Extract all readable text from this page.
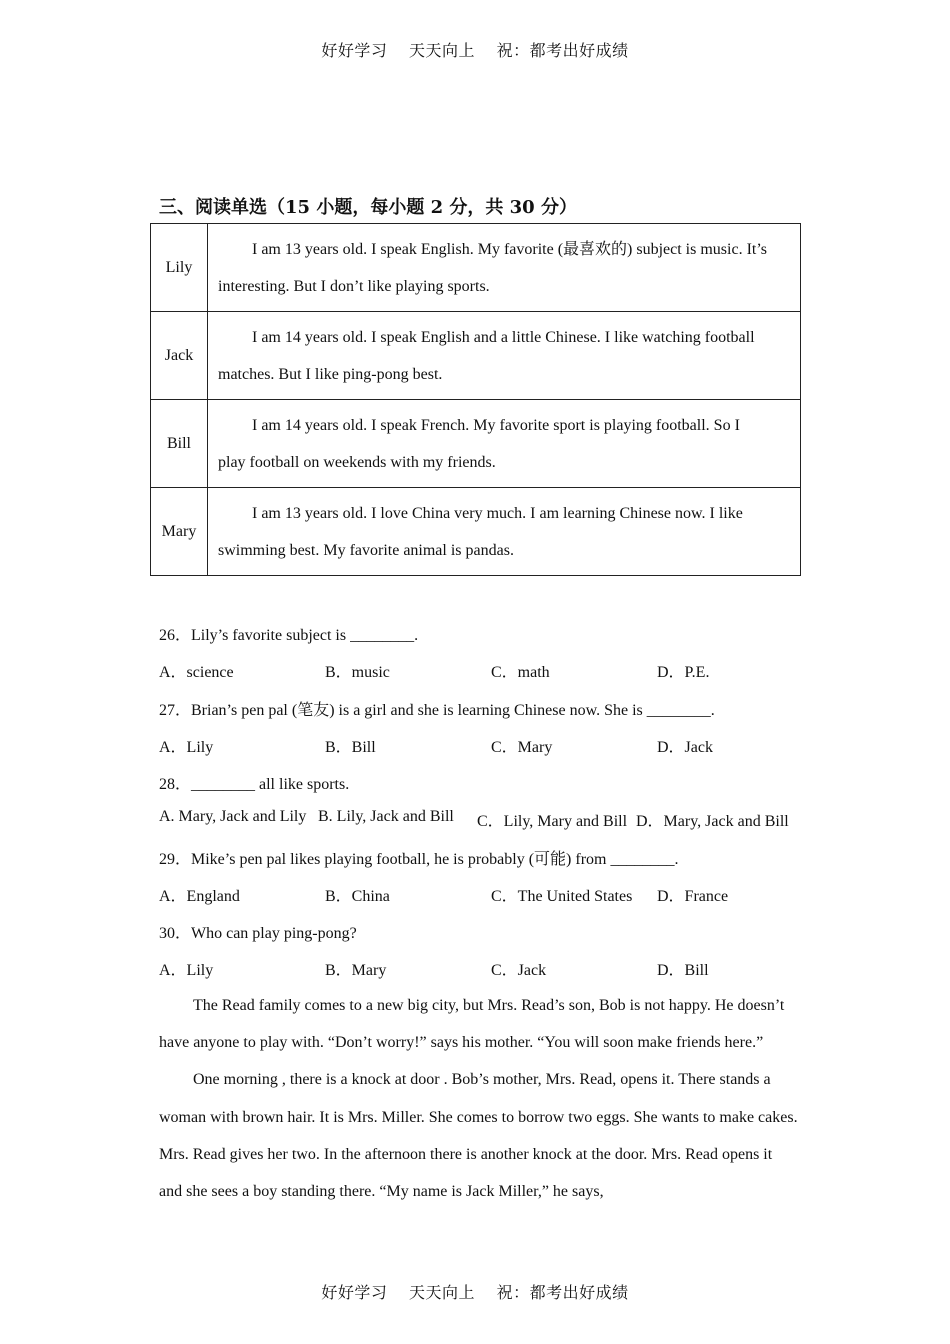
好好学习 天天向上 祝：都考出好成绩
三、阅读单选（15 小题，每小题 2 分，共 30 分）
Lily	I am 13 years old. I speak English. My favorite (最喜欢的) subject is music. It’s
interesting. But I don’t like playing sports.

Jack	I am 14 years old. I speak English and a little Chinese. I like watching football
matches. But I like ping-pong best.

Bill	I am 14 years old. I speak French. My favorite sport is playing football. So I
play football on weekends with my friends.

Mary	I am 13 years old. I love China very much. I am learning Chinese now. I like
swimming best. My favorite animal is pandas.
26．Lily’s favorite subject is ________.
A．science	B．music	C．math	D．P.E.
27．Brian’s pen pal (笔友) is a girl and she is learning Chinese now. She is ________.
A．Lily	B．Bill	C．Mary	D．Jack
28．________ all like sports.
A. Mary, Jack and Lily B. Lily, Jack and Bill C．Lily, Mary and Bill D．Mary, Jack and Bill
29．Mike’s pen pal likes playing football, he is probably (可能) from ________.
A．England	B．China	C．The United States D．France
30．Who can play ping-pong?
A．Lily	B．Mary	C．Jack	D．Bill

The Read family comes to a new big city, but Mrs. Read’s son, Bob is not happy. He doesn’t have anyone to play with. “Don’t worry!” says his mother. “You will soon make friends here.”

One morning , there is a knock at door . Bob’s mother, Mrs. Read, opens it. There stands a woman with brown hair. It is Mrs. Miller. She comes to borrow two eggs. She wants to make cakes. Mrs. Read gives her two. In the afternoon there is another knock at the door. Mrs. Read opens it and she sees a boy standing there. “My name is Jack Miller,” he says,

好好学习 天天向上 祝：都考出好成绩
